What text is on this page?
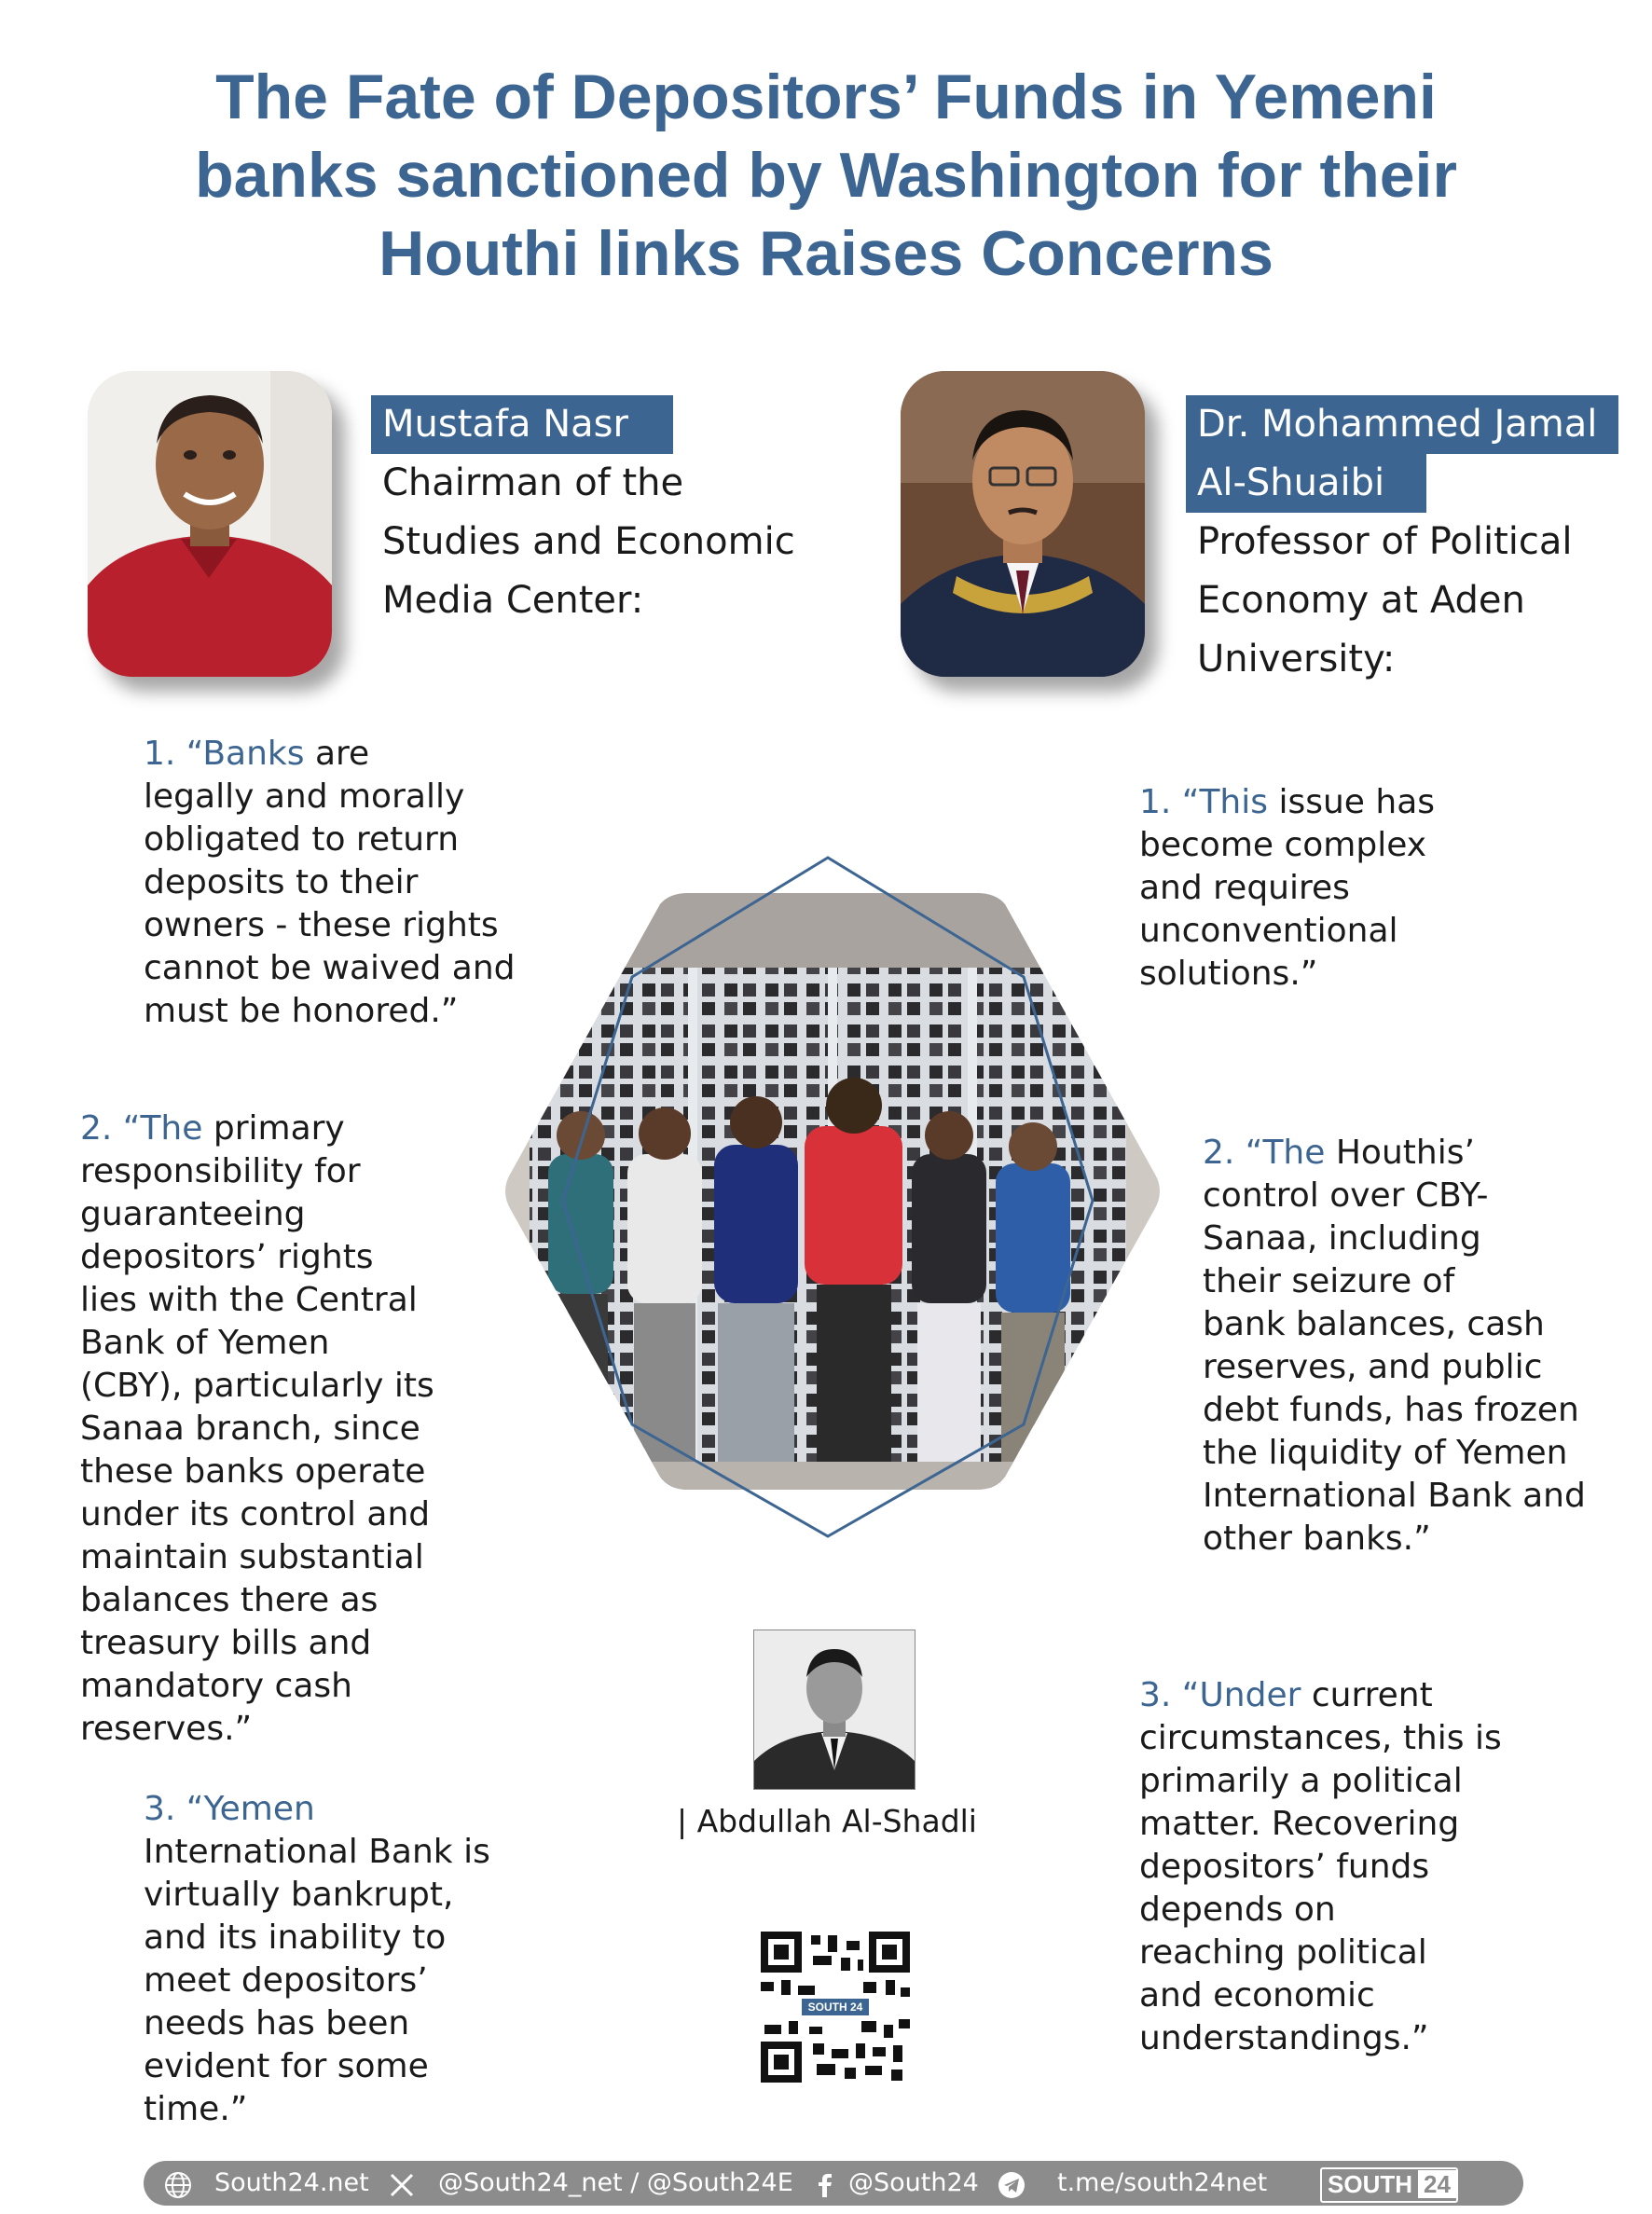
The Fate of Depositors’ Funds in Yemeni
banks sanctioned by Washington for their
Houthi links Raises Concerns
Mustafa Nasr
Chairman of the
Studies and Economic
Media Center:
Dr. Mohammed Jamal
Al-Shuaibi
Professor of Political
Economy at Aden
University:
1. “Banks are
legally and morally
obligated to return
deposits to their
owners - these rights
cannot be waived and
must be honored.”
2. “The primary
responsibility for
guaranteeing
depositors’ rights
lies with the Central
Bank of Yemen
(CBY), particularly its
Sanaa branch, since
these banks operate
under its control and
maintain substantial
balances there as
treasury bills and
mandatory cash
reserves.”
3. “Yemen
International Bank is
virtually bankrupt,
and its inability to
meet depositors’
needs has been
evident for some
time.”
1. “This issue has
become complex
and requires
unconventional
solutions.”
2. “The Houthis’
control over CBY-
Sanaa, including
their seizure of
bank balances, cash
reserves, and public
debt funds, has frozen
the liquidity of Yemen
International Bank and
other banks.”
3. “Under current
circumstances, this is
primarily a political
matter. Recovering
depositors’ funds
depends on
reaching political
and economic
understandings.”
| Abdullah Al-Shadli
SOUTH 24
South24.net	@South24_net / @South24E @South24	t.me/south24net	SOUTH 24
